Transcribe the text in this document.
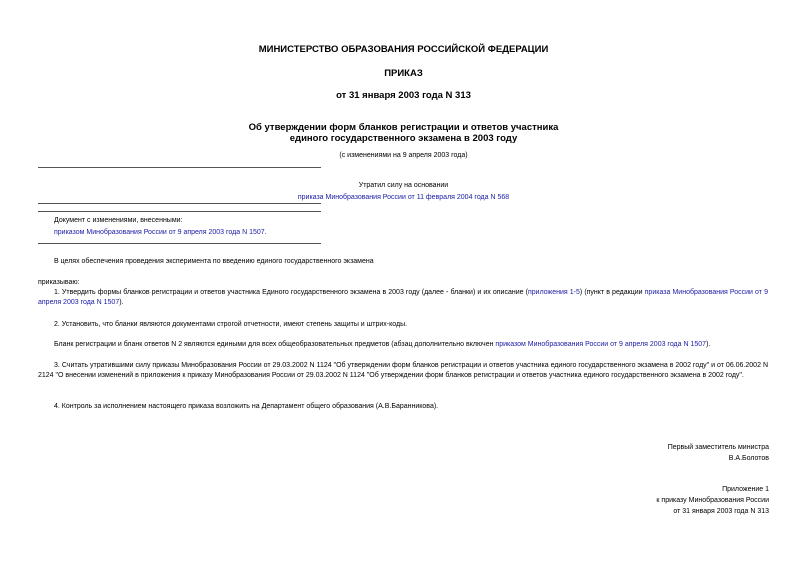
МИНИСТЕРСТВО ОБРАЗОВАНИЯ РОССИЙСКОЙ ФЕДЕРАЦИИ
ПРИКАЗ
от 31 января 2003 года N 313
Об утверждении форм бланков регистрации и ответов участника
единого государственного экзамена в 2003 году
(с изменениями на 9 апреля 2003 года)
Утратил силу на основании
приказа Минобразования России от 11 февраля 2004 года N 568
Документ с изменениями, внесенными:
приказом Минобразования России от 9 апреля 2003 года N 1507.
В целях обеспечения проведения эксперимента по введению единого государственного экзамена
приказываю:
1. Утвердить формы бланков регистрации и ответов участника Единого государственного экзамена в 2003 году (далее - бланки) и их описание (приложения 1-5) (пункт в редакции приказа Минобразования России от 9 апреля 2003 года N 1507).
2. Установить, что бланки являются документами строгой отчетности, имеют степень защиты и штрих-коды.
Бланк регистрации и бланк ответов N 2 являются едиными для всех общеобразовательных предметов (абзац дополнительно включен приказом Минобразования России от 9 апреля 2003 года N 1507).
3. Считать утратившими силу приказы Минобразования России от 29.03.2002 N 1124 "Об утверждении форм бланков регистрации и ответов участника единого государственного экзамена в 2002 году" и от 06.06.2002 N 2124 "О внесении изменений в приложения к приказу Минобразования России от 29.03.2002 N 1124 "Об утверждении форм бланков регистрации и ответов участника единого государственного экзамена в 2002 году".
4. Контроль за исполнением настоящего приказа возложить на Департамент общего образования (А.В.Баранникова).
Первый заместитель министра
В.А.Болотов
Приложение 1
к приказу Минобразования России
от 31 января 2003 года N 313
